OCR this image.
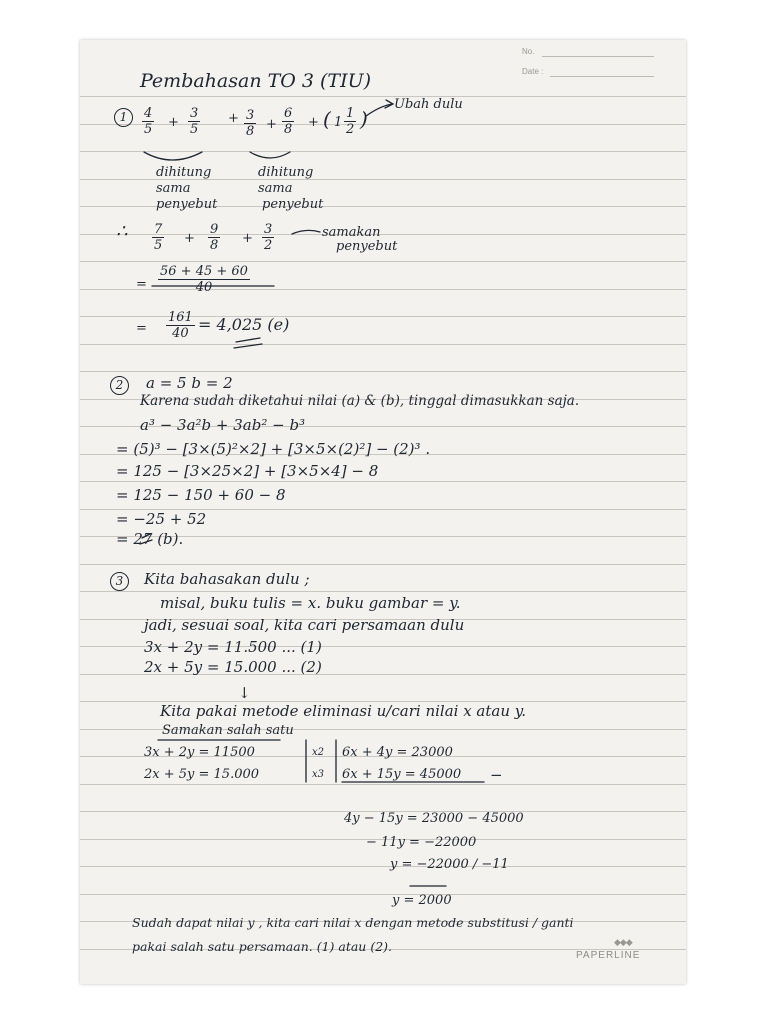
No.
Date :
Pembahasan TO 3 (TIU)
1	$\frac{4}{5} + \frac{3}{5} + \frac{3}{8} + \frac{6}{8}$ + ( $1 \frac{1}{2}$ )
Ubah dulu
dihitung
sama
penyebut
dihitung
sama
penyebut
∴ $\frac{7}{5} + \frac{9}{8} + \frac{3}{2}$	samakan
penyebut
= $\frac{56 + 45 + 60}{40}$
= $\frac{161}{40} = 4,025$ (e)
2	a = 5 b = 2
Karena sudah diketahui nilai (a) & (b), tinggal dimasukkan saja.
a³ − 3a²b + 3ab² − b³
= (5)³ − [3×(5)²×2] + [3×5×(2)²] − (2)³ .
= 125 − [3×25×2] + [3×5×4] − 8
= 125 − 150 + 60 − 8
= −25 + 52
= 27 (b).
3	Kita bahasakan dulu ;
misal, buku tulis = x. buku gambar = y.
jadi, sesuai soal, kita cari persamaan dulu
3x + 2y = 11.500 ... (1)
2x + 5y = 15.000 ... (2)
↓
Kita pakai metode eliminasi u/cari nilai x atau y.
Samakan salah satu
3x + 2y = 11500
2x + 5y = 15.000
x2
x3
6x + 4y = 23000
6x + 15y = 45000 −
4y − 15y = 23000 − 45000
− 11y = −22000
y = −22000 / −11
y = 2000
Sudah dapat nilai y , kita cari nilai x dengan metode substitusi / ganti
pakai salah satu persamaan. (1) atau (2).	◆◆◆
PAPERLINE
